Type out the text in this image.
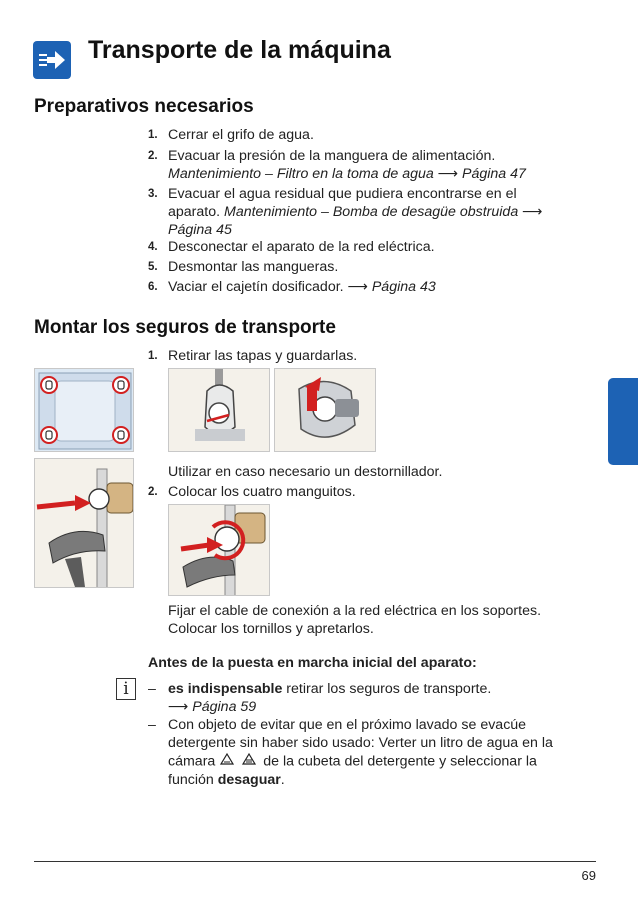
Transporte de la máquina
Preparativos necesarios
1. Cerrar el grifo de agua.
2. Evacuar la presión de la manguera de alimentación.
Mantenimiento – Filtro en la toma de agua ⟶ Página 47
3. Evacuar el agua residual que pudiera encontrarse en el aparato. Mantenimiento – Bomba de desagüe obstruida ⟶ Página 45
4. Desconectar el aparato de la red eléctrica.
5. Desmontar las mangueras.
6. Vaciar el cajetín dosificador. ⟶ Página 43
Montar los seguros de transporte
1. Retirar las tapas y guardarlas.
Utilizar en caso necesario un destornillador.
2. Colocar los cuatro manguitos.
Fijar el cable de conexión a la red eléctrica en los soportes.
Colocar los tornillos y apretarlos.
Antes de la puesta en marcha inicial del aparato:
i	– es indispensable retirar los seguros de transporte.
⟶ Página 59
– Con objeto de evitar que en el próximo lavado se evacúe
detergente sin haber sido usado: Verter un litro de agua en la
cámara	de la cubeta del detergente y seleccionar la
función desaguar.
69
